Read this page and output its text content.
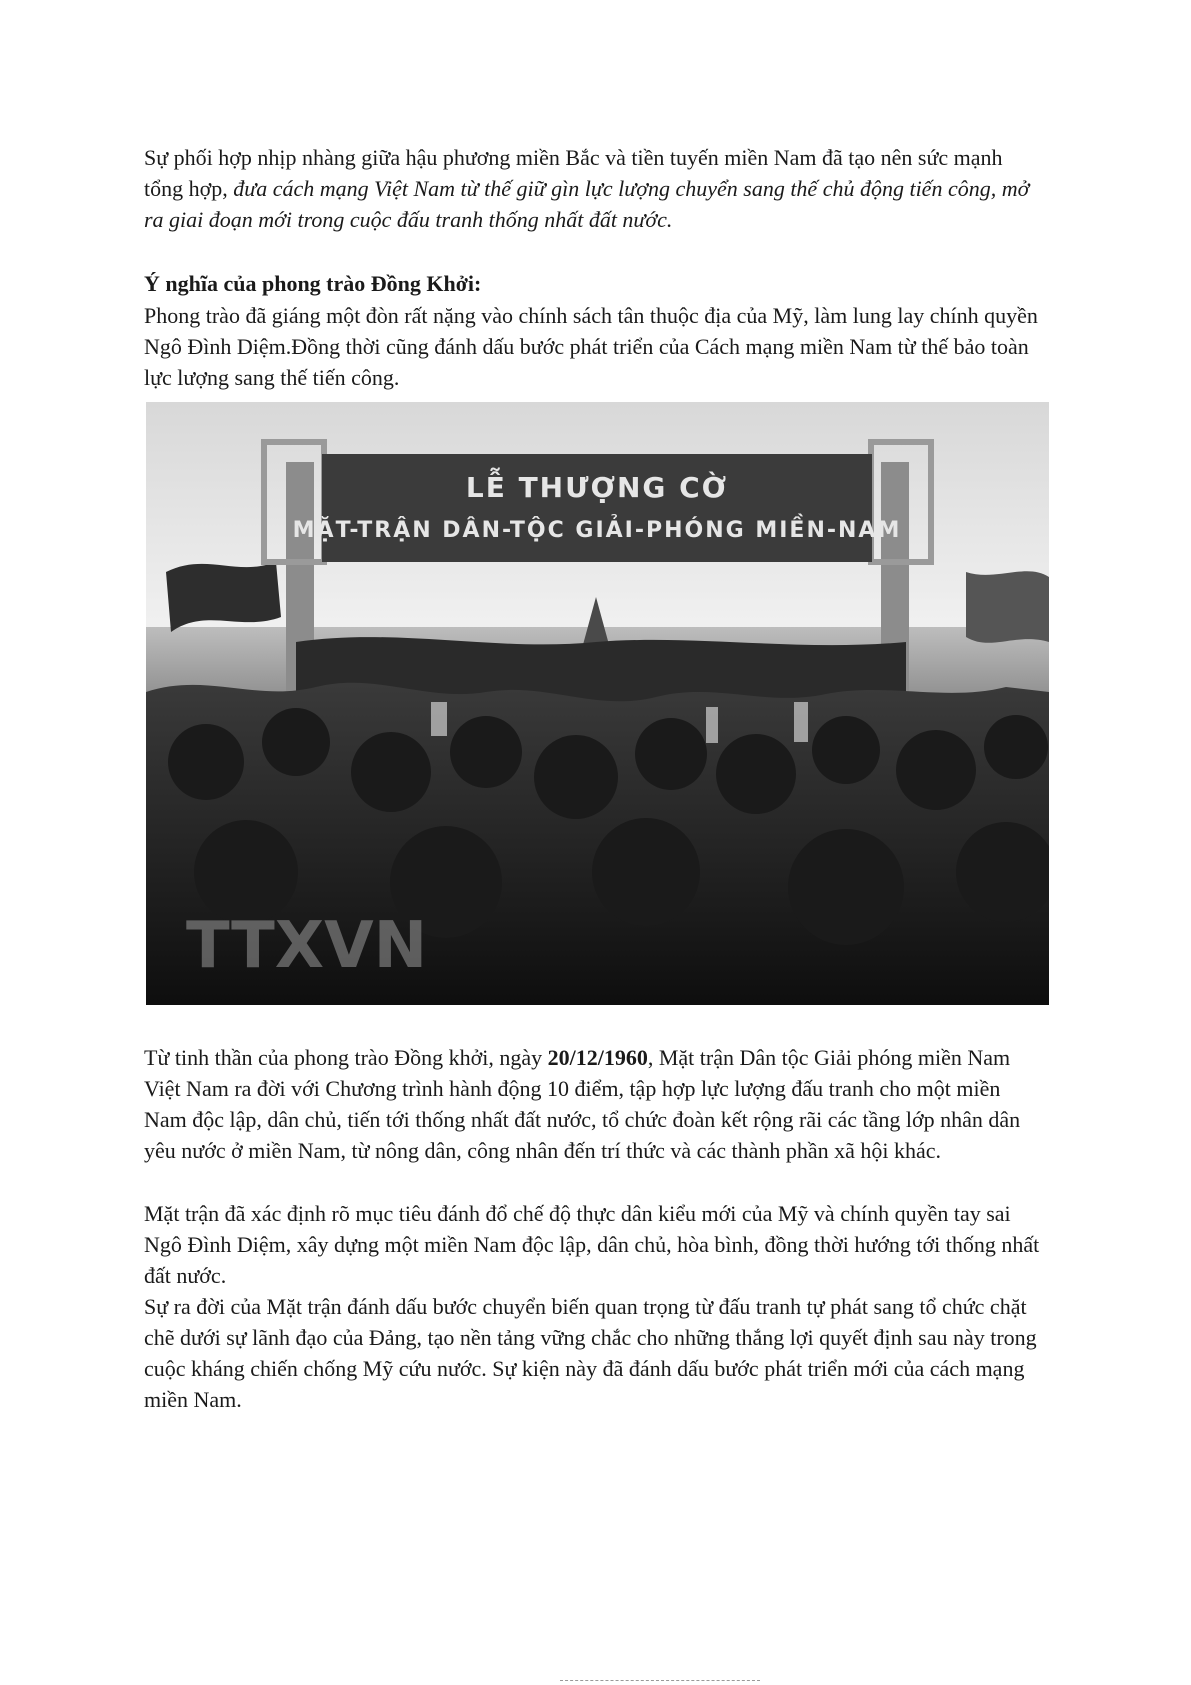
Sự phối hợp nhịp nhàng giữa hậu phương miền Bắc và tiền tuyến miền Nam đã tạo nên sức mạnh tổng hợp, đưa cách mạng Việt Nam từ thế giữ gìn lực lượng chuyển sang thế chủ động tiến công, mở ra giai đoạn mới trong cuộc đấu tranh thống nhất đất nước.

Ý nghĩa của phong trào Đồng Khởi:

Phong trào đã giáng một đòn rất nặng vào chính sách tân thuộc địa của Mỹ, làm lung lay chính quyền Ngô Đình Diệm.Đồng thời cũng đánh dấu bước phát triển của Cách mạng miền Nam từ thế bảo toàn lực lượng sang thế tiến công.

LỄ THƯỢNG CỜ
MẶT-TRẬN DÂN-TỘC GIẢI-PHÓNG MIỀN-NAM
TTXVN

Từ tinh thần của phong trào Đồng khởi, ngày 20/12/1960, Mặt trận Dân tộc Giải phóng miền Nam Việt Nam ra đời với Chương trình hành động 10 điểm, tập hợp lực lượng đấu tranh cho một miền Nam độc lập, dân chủ, tiến tới thống nhất đất nước, tổ chức đoàn kết rộng rãi các tầng lớp nhân dân yêu nước ở miền Nam, từ nông dân, công nhân đến trí thức và các thành phần xã hội khác.

Mặt trận đã xác định rõ mục tiêu đánh đổ chế độ thực dân kiểu mới của Mỹ và chính quyền tay sai Ngô Đình Diệm, xây dựng một miền Nam độc lập, dân chủ, hòa bình, đồng thời hướng tới thống nhất đất nước.

Sự ra đời của Mặt trận đánh dấu bước chuyển biến quan trọng từ đấu tranh tự phát sang tổ chức chặt chẽ dưới sự lãnh đạo của Đảng, tạo nền tảng vững chắc cho những thắng lợi quyết định sau này trong cuộc kháng chiến chống Mỹ cứu nước. Sự kiện này đã đánh dấu bước phát triển mới của cách mạng miền Nam.
